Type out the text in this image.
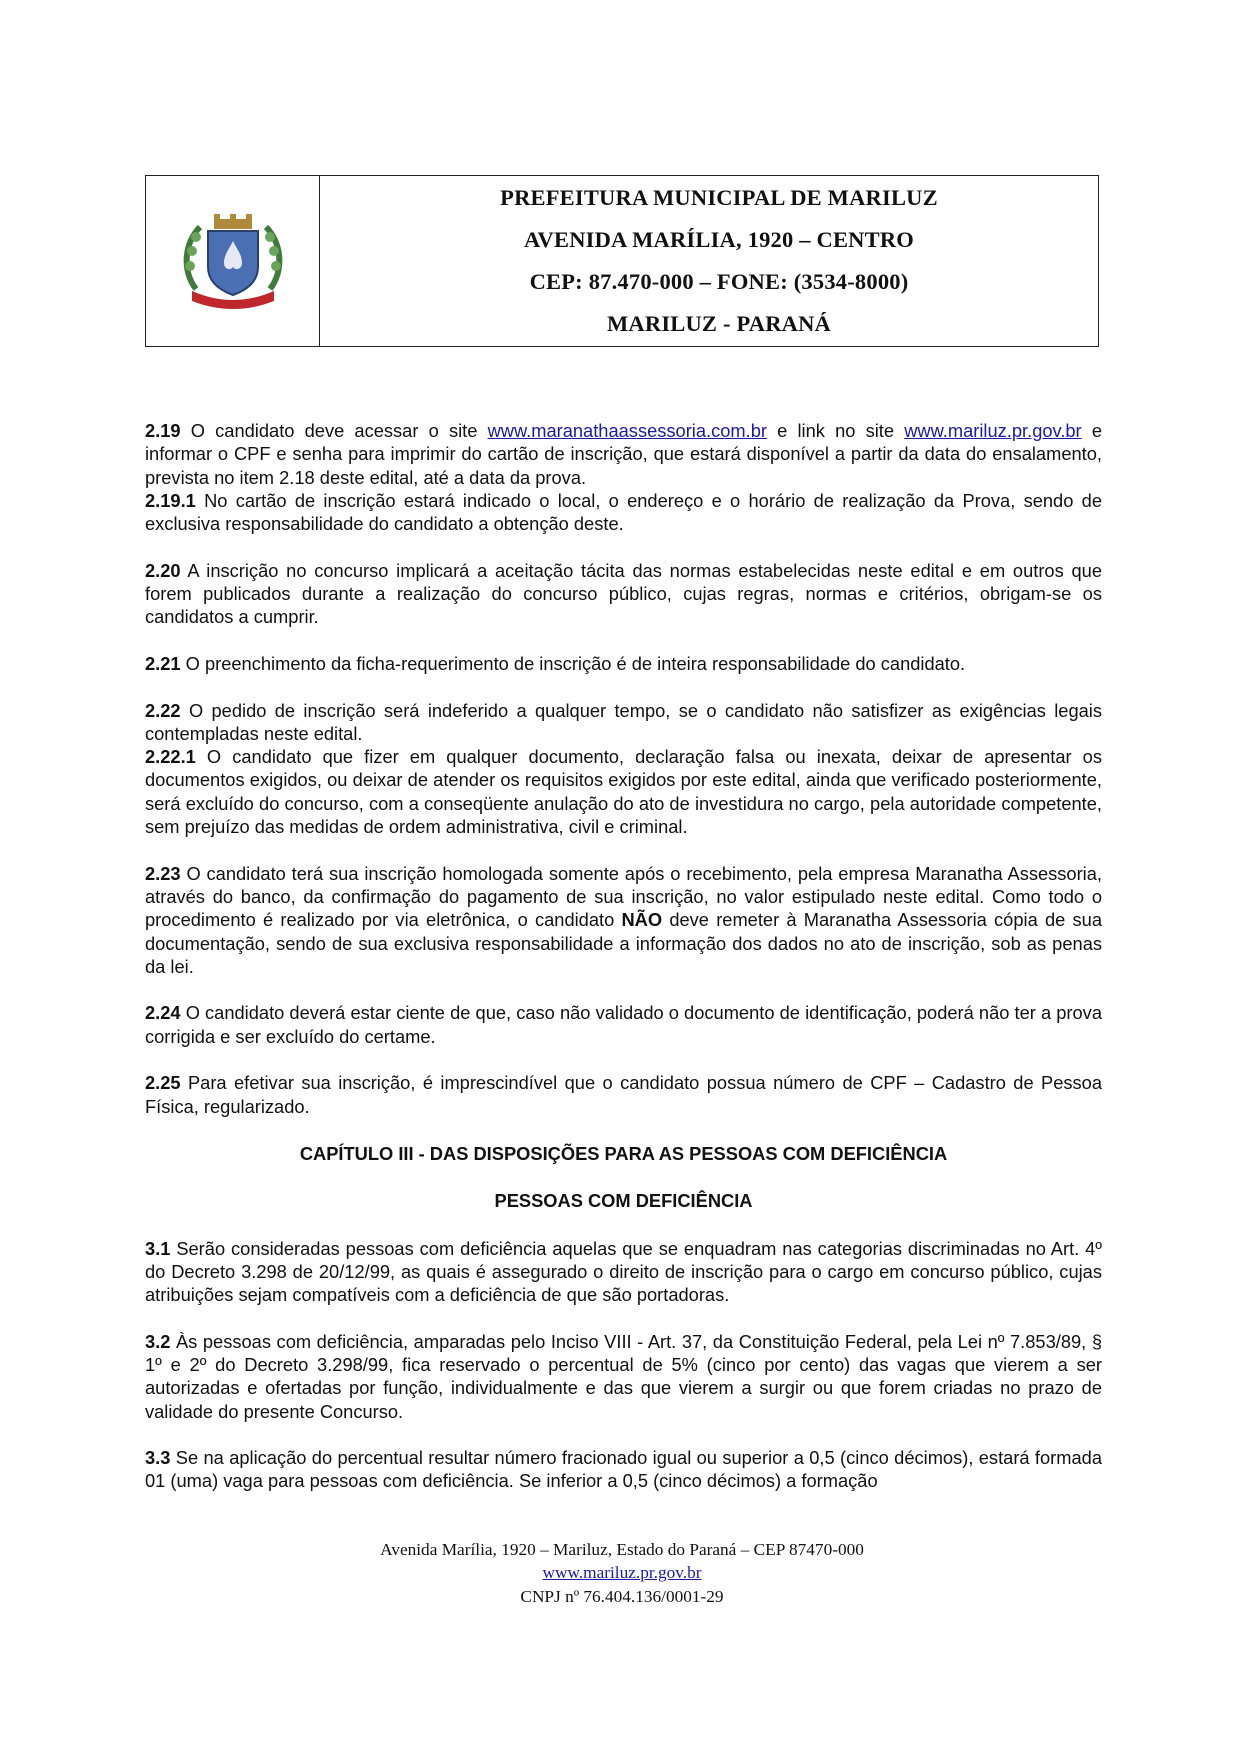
PREFEITURA MUNICIPAL DE MARILUZ
AVENIDA MARÍLIA, 1920 – CENTRO
CEP: 87.470-000 – FONE: (3534-8000)
MARILUZ - PARANÁ

2.19 O candidato deve acessar o site www.maranathaassessoria.com.br e link no site www.mariluz.pr.gov.br e informar o CPF e senha para imprimir do cartão de inscrição, que estará disponível a partir da data do ensalamento, prevista no item 2.18 deste edital, até a data da prova.

2.19.1 No cartão de inscrição estará indicado o local, o endereço e o horário de realização da Prova, sendo de exclusiva responsabilidade do candidato a obtenção deste.

2.20 A inscrição no concurso implicará a aceitação tácita das normas estabelecidas neste edital e em outros que forem publicados durante a realização do concurso público, cujas regras, normas e critérios, obrigam-se os candidatos a cumprir.

2.21 O preenchimento da ficha-requerimento de inscrição é de inteira responsabilidade do candidato.

2.22 O pedido de inscrição será indeferido a qualquer tempo, se o candidato não satisfizer as exigências legais contempladas neste edital.

2.22.1 O candidato que fizer em qualquer documento, declaração falsa ou inexata, deixar de apresentar os documentos exigidos, ou deixar de atender os requisitos exigidos por este edital, ainda que verificado posteriormente, será excluído do concurso, com a conseqüente anulação do ato de investidura no cargo, pela autoridade competente, sem prejuízo das medidas de ordem administrativa, civil e criminal.

2.23 O candidato terá sua inscrição homologada somente após o recebimento, pela empresa Maranatha Assessoria, através do banco, da confirmação do pagamento de sua inscrição, no valor estipulado neste edital. Como todo o procedimento é realizado por via eletrônica, o candidato NÃO deve remeter à Maranatha Assessoria cópia de sua documentação, sendo de sua exclusiva responsabilidade a informação dos dados no ato de inscrição, sob as penas da lei.

2.24 O candidato deverá estar ciente de que, caso não validado o documento de identificação, poderá não ter a prova corrigida e ser excluído do certame.

2.25 Para efetivar sua inscrição, é imprescindível que o candidato possua número de CPF – Cadastro de Pessoa Física, regularizado.

CAPÍTULO III - DAS DISPOSIÇÕES PARA AS PESSOAS COM DEFICIÊNCIA
PESSOAS COM DEFICIÊNCIA

3.1 Serão consideradas pessoas com deficiência aquelas que se enquadram nas categorias discriminadas no Art. 4º do Decreto 3.298 de 20/12/99, as quais é assegurado o direito de inscrição para o cargo em concurso público, cujas atribuições sejam compatíveis com a deficiência de que são portadoras.

3.2 Às pessoas com deficiência, amparadas pelo Inciso VIII - Art. 37, da Constituição Federal, pela Lei nº 7.853/89, § 1º e 2º do Decreto 3.298/99, fica reservado o percentual de 5% (cinco por cento) das vagas que vierem a ser autorizadas e ofertadas por função, individualmente e das que vierem a surgir ou que forem criadas no prazo de validade do presente Concurso.

3.3 Se na aplicação do percentual resultar número fracionado igual ou superior a 0,5 (cinco décimos), estará formada 01 (uma) vaga para pessoas com deficiência. Se inferior a 0,5 (cinco décimos) a formação

Avenida Marília, 1920 – Mariluz, Estado do Paraná – CEP 87470-000
www.mariluz.pr.gov.br
CNPJ nº 76.404.136/0001-29
